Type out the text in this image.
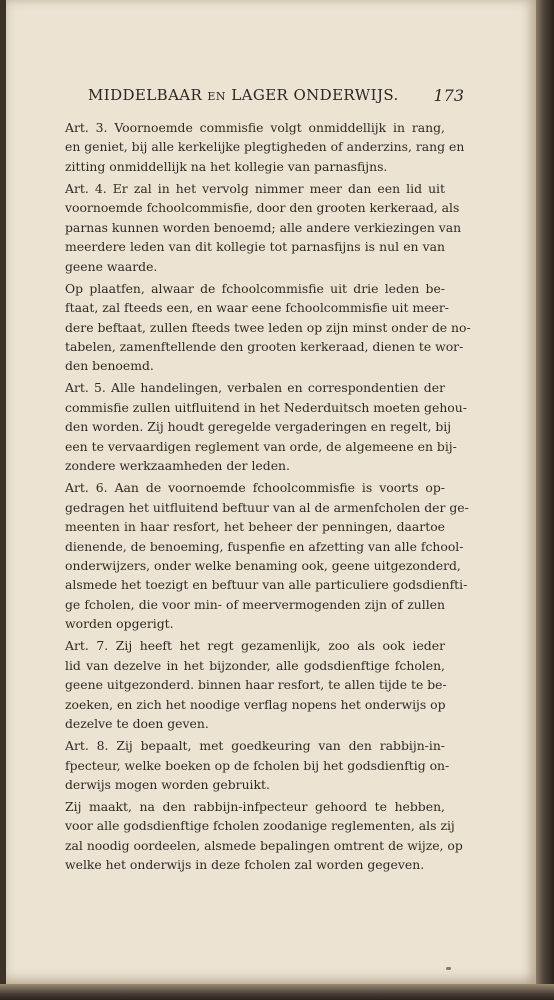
MIDDELBAAR EN LAGER ONDERWIJS. 173
Art. 3. Voornoemde commisfie volgt onmiddellijk in rang,
en geniet, bij alle kerkelijke plegtigheden of anderzins, rang en
zitting onmiddellijk na het kollegie van parnasfijns.
Art. 4. Er zal in het vervolg nimmer meer dan een lid uit
voornoemde fchoolcommisfie, door den grooten kerkeraad, als
parnas kunnen worden benoemd; alle andere verkiezingen van
meerdere leden van dit kollegie tot parnasfijns is nul en van
geene waarde.
Op plaatfen, alwaar de fchoolcommisfie uit drie leden be-
ftaat, zal fteeds een, en waar eene fchoolcommisfie uit meer-
dere beftaat, zullen fteeds twee leden op zijn minst onder de no-
tabelen, zamenftellende den grooten kerkeraad, dienen te wor-
den benoemd.
Art. 5. Alle handelingen, verbalen en correspondentien der
commisfie zullen uitfluitend in het Nederduitsch moeten gehou-
den worden. Zij houdt geregelde vergaderingen en regelt, bij
een te vervaardigen reglement van orde, de algemeene en bij-
zondere werkzaamheden der leden.
Art. 6. Aan de voornoemde fchoolcommisfie is voorts op-
gedragen het uitfluitend beftuur van al de armenfcholen der ge-
meenten in haar resfort, het beheer der penningen, daartoe
dienende, de benoeming, fuspenfie en afzetting van alle fchool-
onderwijzers, onder welke benaming ook, geene uitgezonderd,
alsmede het toezigt en beftuur van alle particuliere godsdienfti-
ge fcholen, die voor min- of meervermogenden zijn of zullen
worden opgerigt.
Art. 7. Zij heeft het regt gezamenlijk, zoo als ook ieder
lid van dezelve in het bijzonder, alle godsdienftige fcholen,
geene uitgezonderd. binnen haar resfort, te allen tijde te be-
zoeken, en zich het noodige verflag nopens het onderwijs op
dezelve te doen geven.
Art. 8. Zij bepaalt, met goedkeuring van den rabbijn-in-
fpecteur, welke boeken op de fcholen bij het godsdienftig on-
derwijs mogen worden gebruikt.
Zij maakt, na den rabbijn-infpecteur gehoord te hebben,
voor alle godsdienftige fcholen zoodanige reglementen, als zij
zal noodig oordeelen, alsmede bepalingen omtrent de wijze, op
welke het onderwijs in deze fcholen zal worden gegeven.
